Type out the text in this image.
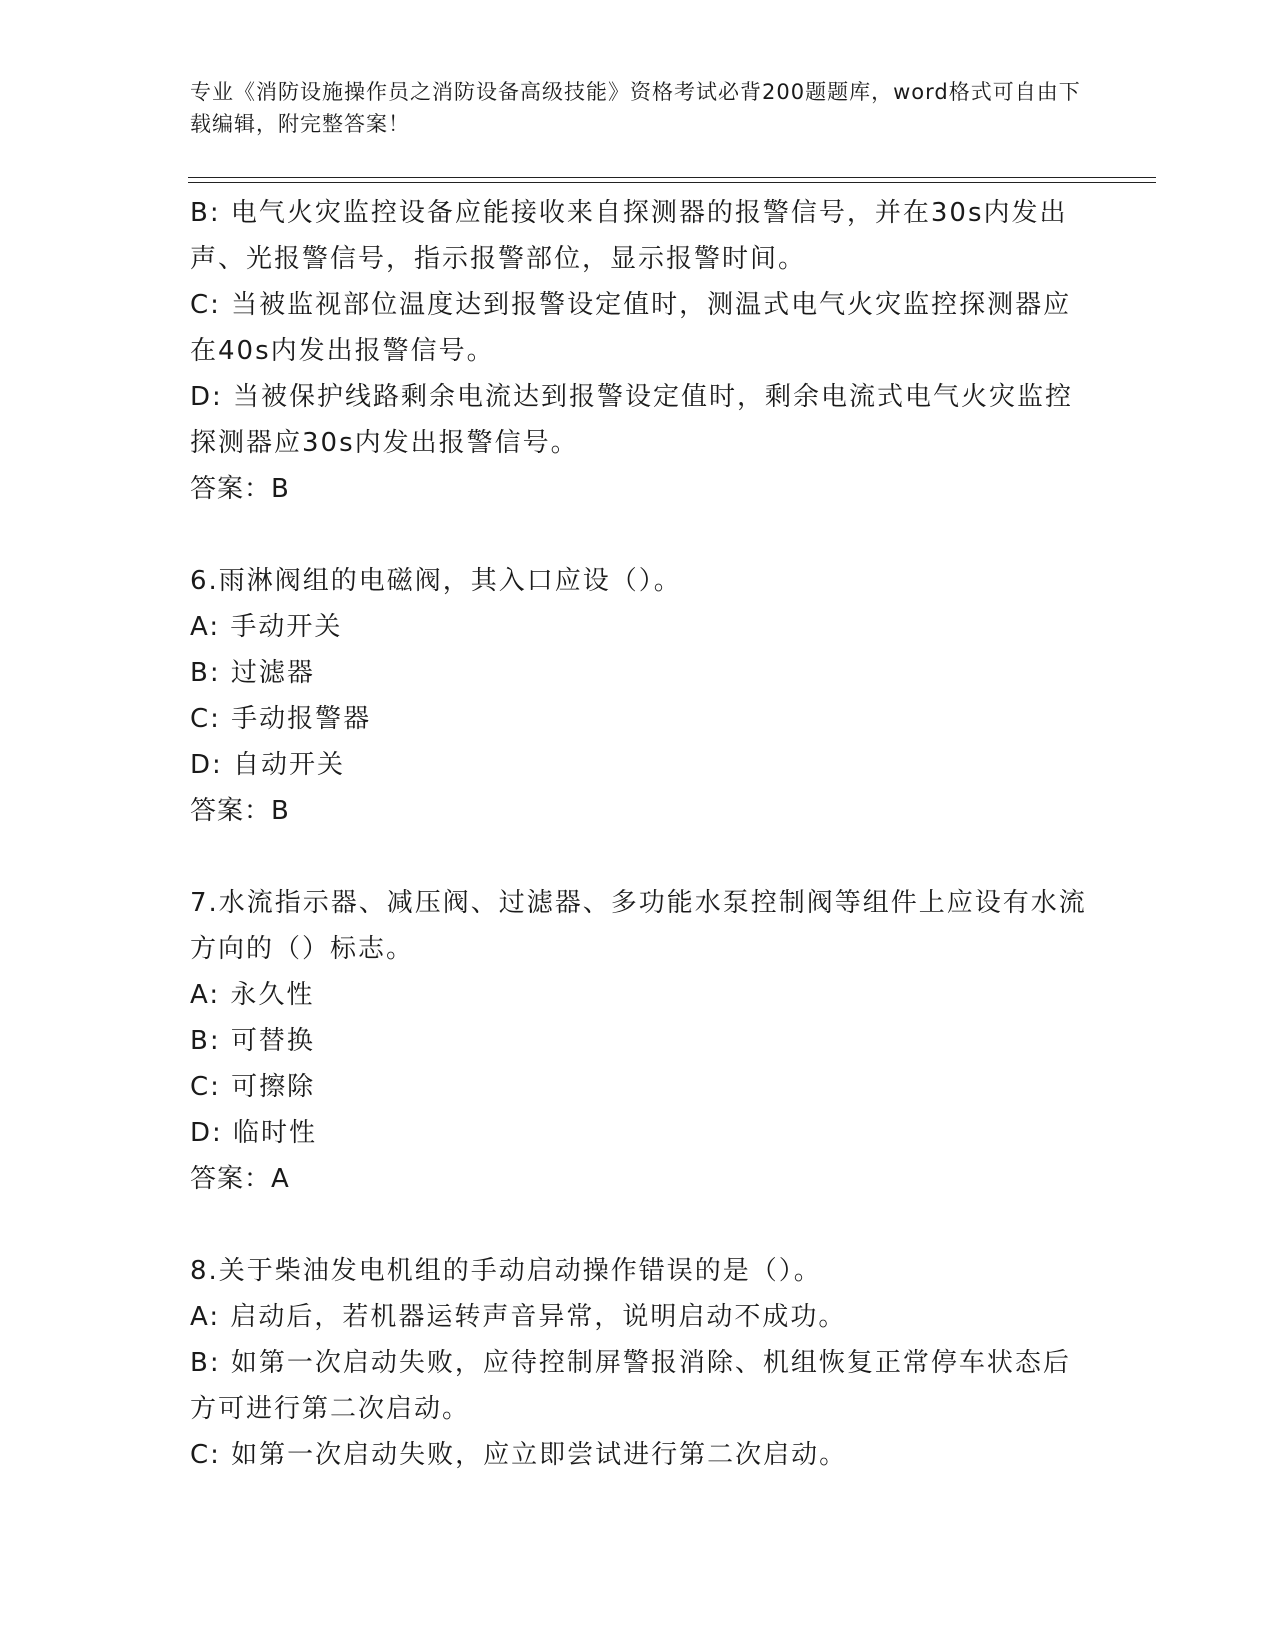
专业《消防设施操作员之消防设备高级技能》资格考试必背200题题库，word格式可自由下载编辑，附完整答案！

B: 电气火灾监控设备应能接收来自探测器的报警信号，并在30s内发出声、光报警信号，指示报警部位，显示报警时间。

C: 当被监视部位温度达到报警设定值时，测温式电气火灾监控探测器应在40s内发出报警信号。

D: 当被保护线路剩余电流达到报警设定值时，剩余电流式电气火灾监控探测器应30s内发出报警信号。

答案：B

6.雨淋阀组的电磁阀，其入口应设（）。

A: 手动开关

B: 过滤器

C: 手动报警器

D: 自动开关

答案：B

7.水流指示器、减压阀、过滤器、多功能水泵控制阀等组件上应设有水流方向的（）标志。

A: 永久性

B: 可替换

C: 可擦除

D: 临时性

答案：A

8.关于柴油发电机组的手动启动操作错误的是（）。

A: 启动后，若机器运转声音异常，说明启动不成功。

B: 如第一次启动失败，应待控制屏警报消除、机组恢复正常停车状态后方可进行第二次启动。

C: 如第一次启动失败，应立即尝试进行第二次启动。
